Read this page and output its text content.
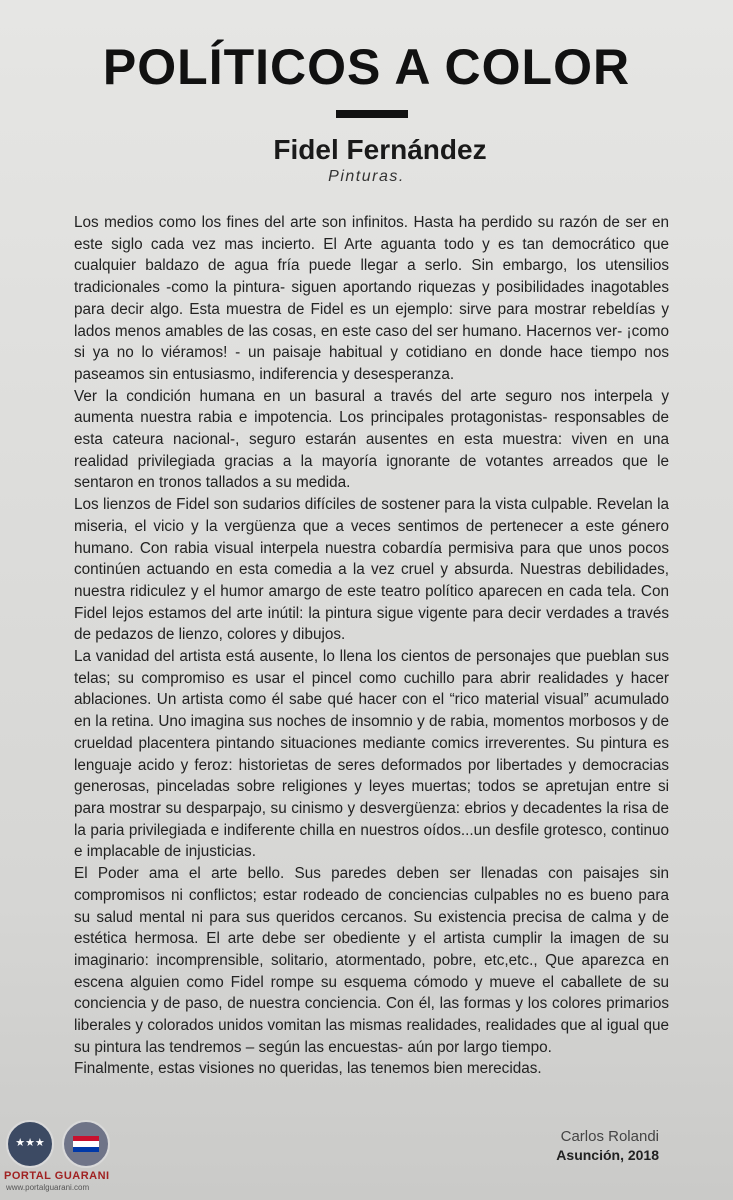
POLÍTICOS A COLOR
Fidel Fernández
Pinturas.

Los medios como los fines del arte son infinitos. Hasta ha perdido su razón de ser en este siglo cada vez mas incierto. El Arte aguanta todo y es tan democrático que cualquier baldazo de agua fría puede llegar a serlo. Sin embargo, los utensilios tradicionales -como la pintura- siguen aportando riquezas y posibilidades inagotables para decir algo. Esta muestra de Fidel es un ejemplo: sirve para mostrar rebeldías y lados menos amables de las cosas, en este caso del ser humano. Hacernos ver- ¡como si ya no lo viéramos! - un paisaje habitual y cotidiano en donde hace tiempo nos paseamos sin entusiasmo, indiferencia y desesperanza.

Ver la condición humana en un basural a través del arte seguro nos interpela y aumenta nuestra rabia e impotencia. Los principales protagonistas- responsables de esta cateura nacional-, seguro estarán ausentes en esta muestra: viven en una realidad privilegiada gracias a la mayoría ignorante de votantes arreados que le sentaron en tronos tallados a su medida.

Los lienzos de Fidel son sudarios difíciles de sostener para la vista culpable. Revelan la miseria, el vicio y la vergüenza que a veces sentimos de pertenecer a este género humano. Con rabia visual interpela nuestra cobardía permisiva para que unos pocos continúen actuando en esta comedia a la vez cruel y absurda. Nuestras debilidades, nuestra ridiculez y el humor amargo de este teatro político aparecen en cada tela. Con Fidel lejos estamos del arte inútil: la pintura sigue vigente para decir verdades a través de pedazos de lienzo, colores y dibujos.

La vanidad del artista está ausente, lo llena los cientos de personajes que pueblan sus telas; su compromiso es usar el pincel como cuchillo para abrir realidades y hacer ablaciones. Un artista como él sabe qué hacer con el “rico material visual” acumulado en la retina. Uno imagina sus noches de insomnio y de rabia, momentos morbosos y de crueldad placentera pintando situaciones mediante comics irreverentes. Su pintura es lenguaje acido y feroz: historietas de seres deformados por libertades y democracias generosas, pinceladas sobre religiones y leyes muertas; todos se apretujan entre si para mostrar su desparpajo, su cinismo y desvergüenza: ebrios y decadentes la risa de la paria privilegiada e indiferente chilla en nuestros oídos...un desfile grotesco, continuo e implacable de injusticias.

El Poder ama el arte bello. Sus paredes deben ser llenadas con paisajes sin compromisos ni conflictos; estar rodeado de conciencias culpables no es bueno para su salud mental ni para sus queridos cercanos. Su existencia precisa de calma y de estética hermosa. El arte debe ser obediente y el artista cumplir la imagen de su imaginario: incomprensible, solitario, atormentado, pobre, etc,etc., Que aparezca en escena alguien como Fidel rompe su esquema cómodo y mueve el caballete de su conciencia y de paso, de nuestra conciencia. Con él, las formas y los colores primarios liberales y colorados unidos vomitan las mismas realidades, realidades que al igual que su pintura las tendremos – según las encuestas- aún por largo tiempo.

Finalmente, estas visiones no queridas, las tenemos bien merecidas.

Carlos Rolandi
Asunción, 2018
★★★
PORTAL GUARANI
www.portalguarani.com
